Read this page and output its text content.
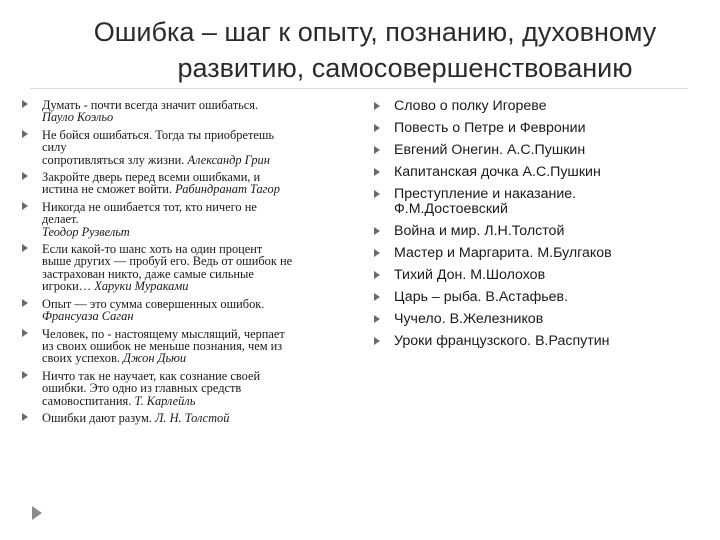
Ошибка – шаг к опыту, познанию, духовному
развитию, самосовершенствованию
Думать - почти всегда значит ошибаться.
Пауло Коэльо
Не бойся ошибаться. Тогда ты приобретешь
силу
сопротивляться злу жизни. Александр Грин
Закройте дверь перед всеми ошибками, и
истина не сможет войти. Рабиндранат Тагор
Никогда не ошибается тот, кто ничего не
делает.
Теодор Рузвельт
Если какой-то шанс хоть на один процент
выше других — пробуй его. Ведь от ошибок не
застрахован никто, даже самые сильные
игроки… Харуки Мураками
Опыт — это сумма совершенных ошибок.
Франсуаза Саган
Человек, по - настоящему мыслящий, черпает
из своих ошибок не меньше познания, чем из
своих успехов. Джон Дьюи
Ничто так не научает, как сознание своей
ошибки. Это одно из главных средств
самовоспитания. Т. Карлейль
Ошибки дают разум. Л. Н. Толстой
Слово о полку Игореве
Повесть о Петре и Февронии
Евгений Онегин. А.С.Пушкин
Капитанская дочка А.С.Пушкин
Преступление и наказание.
Ф.М.Достоевский
Война и мир. Л.Н.Толстой
Мастер и Маргарита. М.Булгаков
Тихий Дон. М.Шолохов
Царь – рыба. В.Астафьев.
Чучело. В.Железников
Уроки французского. В.Распутин
